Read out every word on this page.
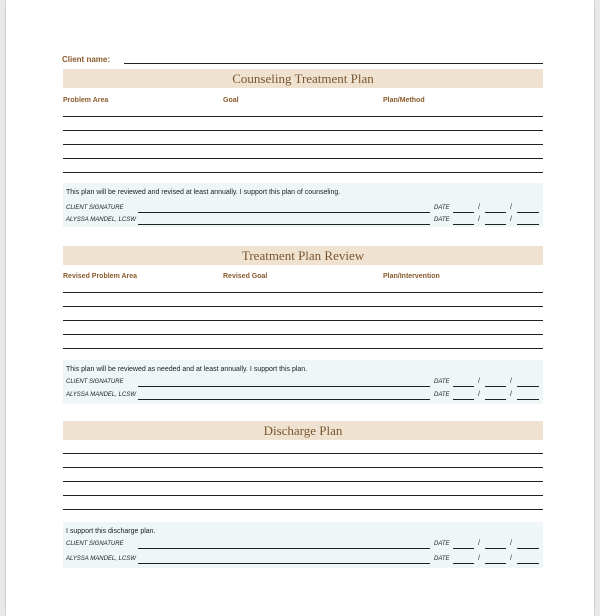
Client name:
Counseling Treatment Plan
Problem Area	Goal	Plan/Method
This plan will be reviewed and revised at least annually. I support this plan of counseling.
CLIENT SIGNATURE	DATE	/	/
ALYSSA MANDEL, LCSW	DATE	/	/
Treatment Plan Review
Revised Problem Area	Revised Goal	Plan/Intervention
This plan will be reviewed as needed and at least annually. I support this plan.
CLIENT SIGNATURE	DATE	/	/
ALYSSA MANDEL, LCSW	DATE	/	/
Discharge Plan
I support this discharge plan.
CLIENT SIGNATURE	DATE	/	/
ALYSSA MANDEL, LCSW	DATE	/	/
